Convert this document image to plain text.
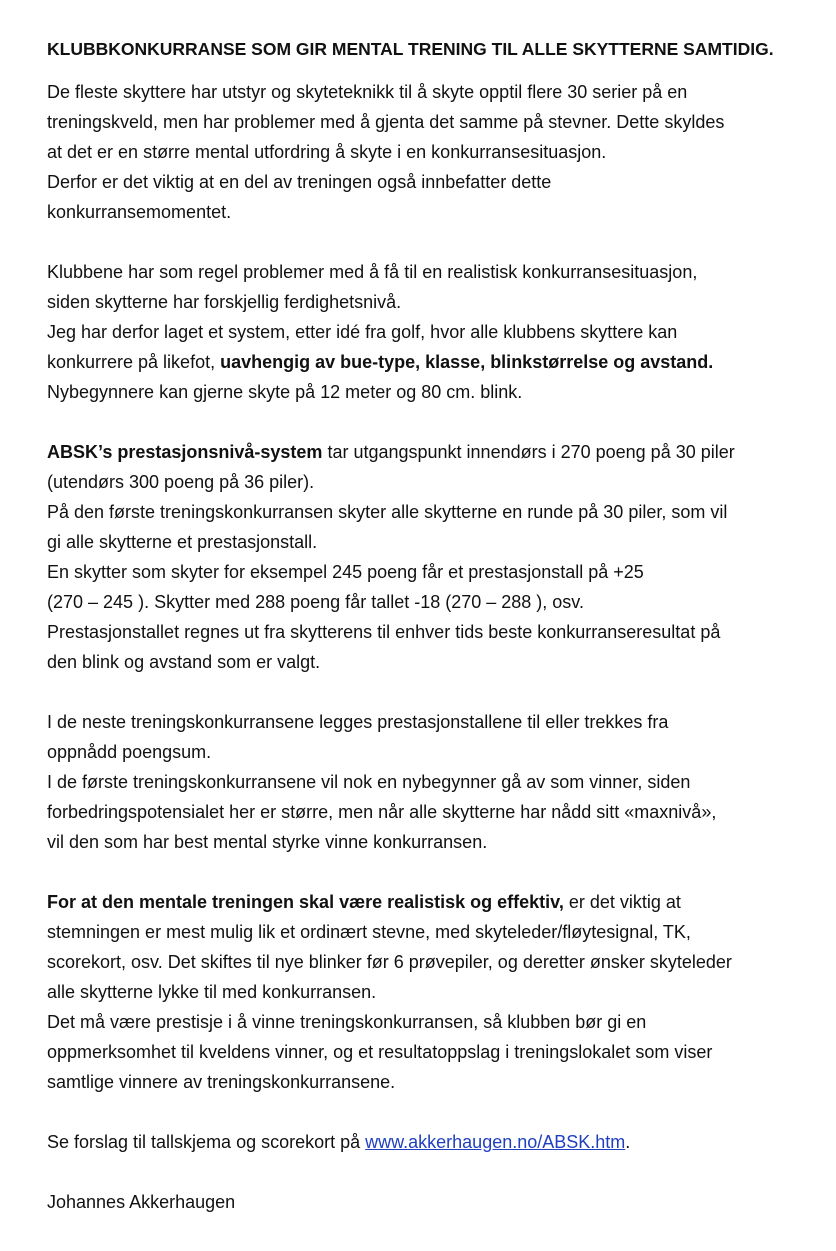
KLUBBKONKURRANSE SOM GIR MENTAL TRENING TIL ALLE SKYTTERNE SAMTIDIG.
De fleste skyttere har utstyr og skyteteknikk til å skyte opptil flere 30 serier på en
treningskveld, men har problemer med å gjenta det samme på stevner. Dette skyldes
at det er en større mental utfordring å skyte i en konkurransesituasjon.
Derfor er det viktig at en del av treningen også innbefatter dette
konkurransemomentet.
Klubbene har som regel problemer med å få til en realistisk konkurransesituasjon,
siden skytterne har forskjellig ferdighetsnivå.
Jeg har derfor laget et system, etter idé fra golf, hvor alle klubbens skyttere kan
konkurrere på likefot, uavhengig av bue-type, klasse, blinkstørrelse og avstand.
Nybegynnere kan gjerne skyte på 12 meter og 80 cm. blink.
ABSK’s prestasjonsnivå-system tar utgangspunkt innendørs i 270 poeng på 30 piler
(utendørs 300 poeng på 36 piler).
På den første treningskonkurransen skyter alle skytterne en runde på 30 piler, som vil
gi alle skytterne et prestasjonstall.
En skytter som skyter for eksempel 245 poeng får et prestasjonstall på +25
(270 – 245 ). Skytter med 288 poeng får tallet -18 (270 – 288 ), osv.
Prestasjonstallet regnes ut fra skytterens til enhver tids beste konkurranseresultat på
den blink og avstand som er valgt.
I de neste treningskonkurransene legges prestasjonstallene til eller trekkes fra
oppnådd poengsum.
I de første treningskonkurransene vil nok en nybegynner gå av som vinner, siden
forbedringspotensialet her er større, men når alle skytterne har nådd sitt «maxnivå»,
vil den som har best mental styrke vinne konkurransen.
For at den mentale treningen skal være realistisk og effektiv, er det viktig at
stemningen er mest mulig lik et ordinært stevne, med skyteleder/fløytesignal, TK,
scorekort, osv. Det skiftes til nye blinker før 6 prøvepiler, og deretter ønsker skyteleder
alle skytterne lykke til med konkurransen.
Det må være prestisje i å vinne treningskonkurransen, så klubben bør gi en
oppmerksomhet til kveldens vinner, og et resultatoppslag i treningslokalet som viser
samtlige vinnere av treningskonkurransene.
Se forslag til tallskjema og scorekort på www.akkerhaugen.no/ABSK.htm.
Johannes Akkerhaugen
